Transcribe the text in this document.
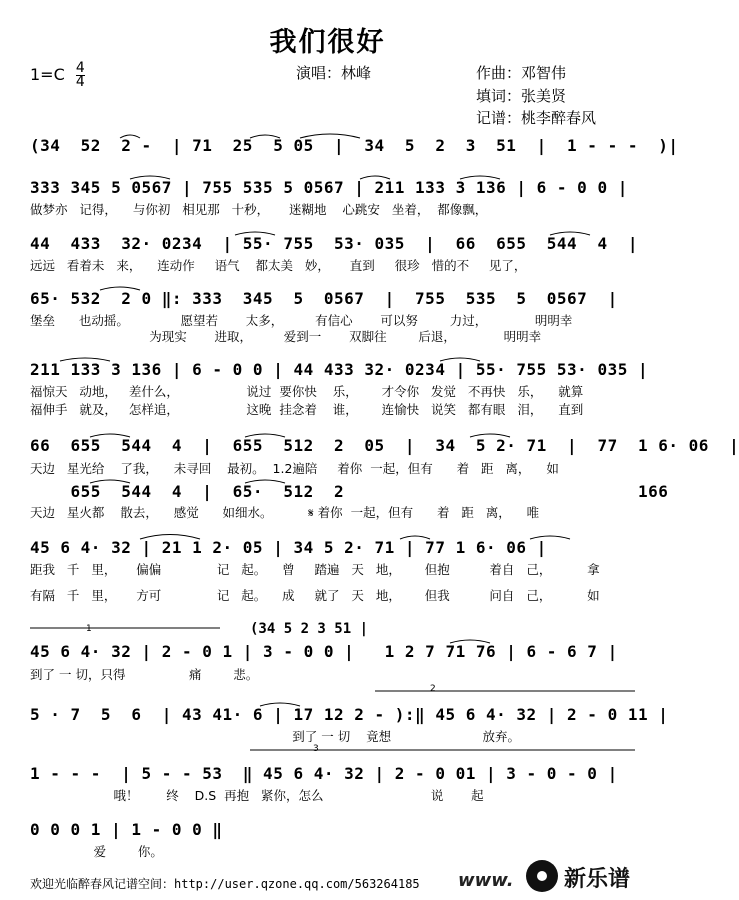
我们很好
$1=C \frac{4}{4}$	演唱：林峰	作曲：邓智伟
填词：张美贤
记谱：桃李醉春风
(34  52  2 -  | 71  25  5 05  |  34  5  2  3  51  |  1 - - -  )|
333 345 5 0567 | 755 535 5 0567 | 211 133 3 136 | 6 - 0 0 |
做梦亦   记得，    与你初   相见那   十秒，     迷糊地    心跳安   坐着，  都像飘，
44  433  32· 0234  | 55· 755  53· 035  |  66  655  544  4  |
远远   看着未   来，    连动作     语气    都太美   妙，     直到     很珍   惜的不     见了，
65· 532  2 0 ‖: 333  345  5  0567  |  755  535  5  0567  |
堡垒      也动摇。             愿望若       太多，        有信心       可以努        力过，            明明幸
为现实       进取，        爱到一       双脚往        后退，            明明幸
211 133 3 136 | 6 - 0 0 | 44 433 32· 0234 | 55· 755 53· 035 |
福惊天   动地，   差什么，                 说过  要你快    乐，      才令你   发觉   不再快   乐，    就算
福伸手   就及，   怎样追，                 这晚  挂念着    谁，      连愉快   说笑   都有眼   泪，    直到
66  655  544  4  |  655  512  2  05  |  34  5 2· 71  |  77  1 6· 06  |
天边   星光给    了我，    未寻回    最初。  1.2遍陪     着你  一起，但有      着   距   离，    如
655  544  4  |  65·  512  2                             166
天边   星火都    散去，    感觉      如细水。         𝄋 着你  一起，但有      着   距   离，    唯
45 6 4· 32 | 21 1 2· 05 | 34 5 2· 71 | 77 1 6· 06 |
距我   千   里，     偏偏              记   起。    曾     踏遍   天   地，      但抱          着自   己，         拿
有隔   千   里，     方可              记   起。    成     就了   天   地，      但我          问自   己，         如
(34 5 2 3 51 |
1
45 6 4· 32 | 2 - 0 1 | 3 - 0 0 |   1 2 7 71 76 | 6 - 6 7 |
到了 一 切，只得                痛        悲。
2
5 · 7  5  6  | 43 41· 6 | 17 12 2 - ):‖ 45 6 4· 32 | 2 - 0 11 |
到了 一 切    竟想                       放弃。
3
1 - - -  | 5 - - 53  ‖ 45 6 4· 32 | 2 - 0 01 | 3 - 0 - 0 |
哦！       终    D.S  再抱   紧你，怎么                           说       起
0 0 0 1 | 1 - 0 0 ‖
爱        你。
欢迎光临醉春风记谱空间：http://user.qzone.qq.com/563264185 www. 新乐谱
